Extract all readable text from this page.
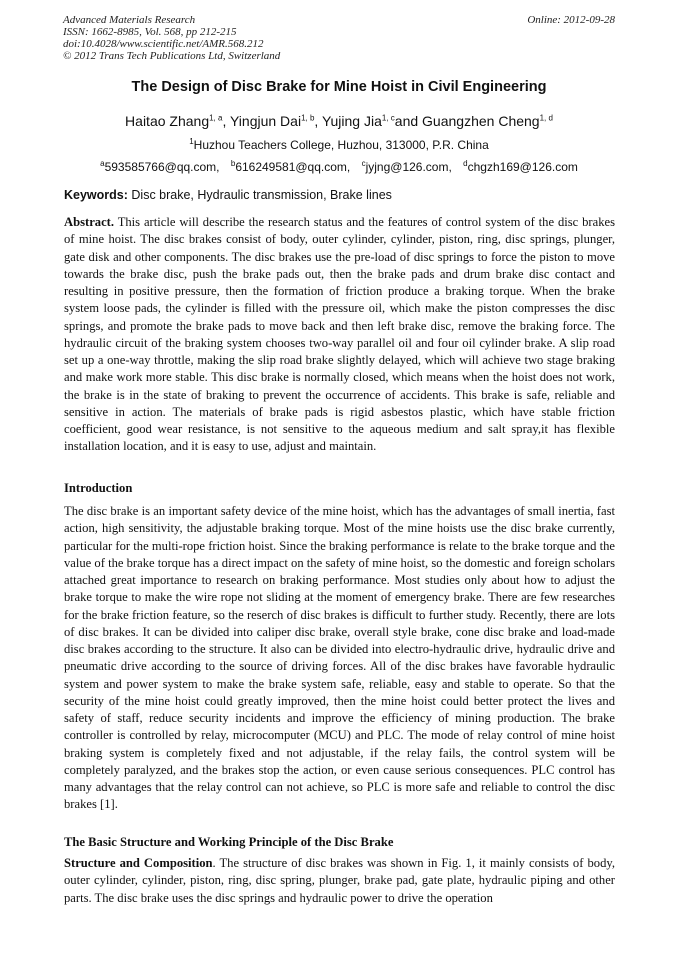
Advanced Materials Research
ISSN: 1662-8985, Vol. 568, pp 212-215
doi:10.4028/www.scientific.net/AMR.568.212
© 2012 Trans Tech Publications Ltd, Switzerland
Online: 2012-09-28
The Design of Disc Brake for Mine Hoist in Civil Engineering
Haitao Zhang$^{1, a}$, Yingjun Dai$^{1, b}$, Yujing Jia$^{1, c}$and Guangzhen Cheng$^{1, d}$
$^1$Huzhou Teachers College, Huzhou, 313000, P.R. China
$^a$593585766@qq.com, $^b$616249581@qq.com, $^c$jyjng@126.com, $^d$chgzh169@126.com
Keywords: Disc brake, Hydraulic transmission, Brake lines

Abstract. This article will describe the research status and the features of control system of the disc brakes of mine hoist. The disc brakes consist of body, outer cylinder, cylinder, piston, ring, disc springs, plunger, gate disk and other components. The disc brakes use the pre-load of disc springs to force the piston to move towards the brake disc, push the brake pads out, then the brake pads and drum brake disc contact and resulting in positive pressure, then the formation of friction produce a braking torque. When the brake system loose pads, the cylinder is filled with the pressure oil, which make the piston compresses the disc springs, and promote the brake pads to move back and then left brake disc, remove the braking force. The hydraulic circuit of the braking system chooses two-way parallel oil and four oil cylinder brake. A slip road set up a one-way throttle, making the slip road brake slightly delayed, which will achieve two stage braking and make work more stable. This disc brake is normally closed, which means when the hoist does not work, the brake is in the state of braking to prevent the occurrence of accidents. This brake is safe, reliable and sensitive in action. The materials of brake pads is rigid asbestos plastic, which have stable friction coefficient, good wear resistance, is not sensitive to the aqueous medium and salt spray,it has flexible installation location, and it is easy to use, adjust and maintain.

Introduction

The disc brake is an important safety device of the mine hoist, which has the advantages of small inertia, fast action, high sensitivity, the adjustable braking torque. Most of the mine hoists use the disc brake currently, particular for the multi-rope friction hoist. Since the braking performance is relate to the brake torque and the value of the brake torque has a direct impact on the safety of mine hoist, so the domestic and foreign scholars attached great importance to research on braking performance. Most studies only about how to adjust the brake torque to make the wire rope not sliding at the moment of emergency brake. There are few researches for the brake friction feature, so the reserch of disc brakes is difficult to further study. Recently, there are lots of disc brakes. It can be divided into caliper disc brake, overall style brake, cone disc brake and load-made disc brakes according to the structure. It also can be divided into electro-hydraulic drive, hydraulic drive and pneumatic drive according to the source of driving forces. All of the disc brakes have favorable hydraulic system and power system to make the brake system safe, reliable, easy and stable to operate. So that the security of the mine hoist could greatly improved, then the mine hoist could better protect the lives and safety of staff, reduce security incidents and improve the efficiency of mining production. The brake controller is controlled by relay, microcomputer (MCU) and PLC. The mode of relay control of mine hoist braking system is completely fixed and not adjustable, if the relay fails, the control system will be completely paralyzed, and the brakes stop the action, or even cause serious consequences. PLC control has many advantages that the relay control can not achieve, so PLC is more safe and reliable to control the disc brakes [1].

The Basic Structure and Working Principle of the Disc Brake

Structure and Composition. The structure of disc brakes was shown in Fig. 1, it mainly consists of body, outer cylinder, cylinder, piston, ring, disc spring, plunger, brake pad, gate plate, hydraulic piping and other parts. The disc brake uses the disc springs and hydraulic power to drive the operation
